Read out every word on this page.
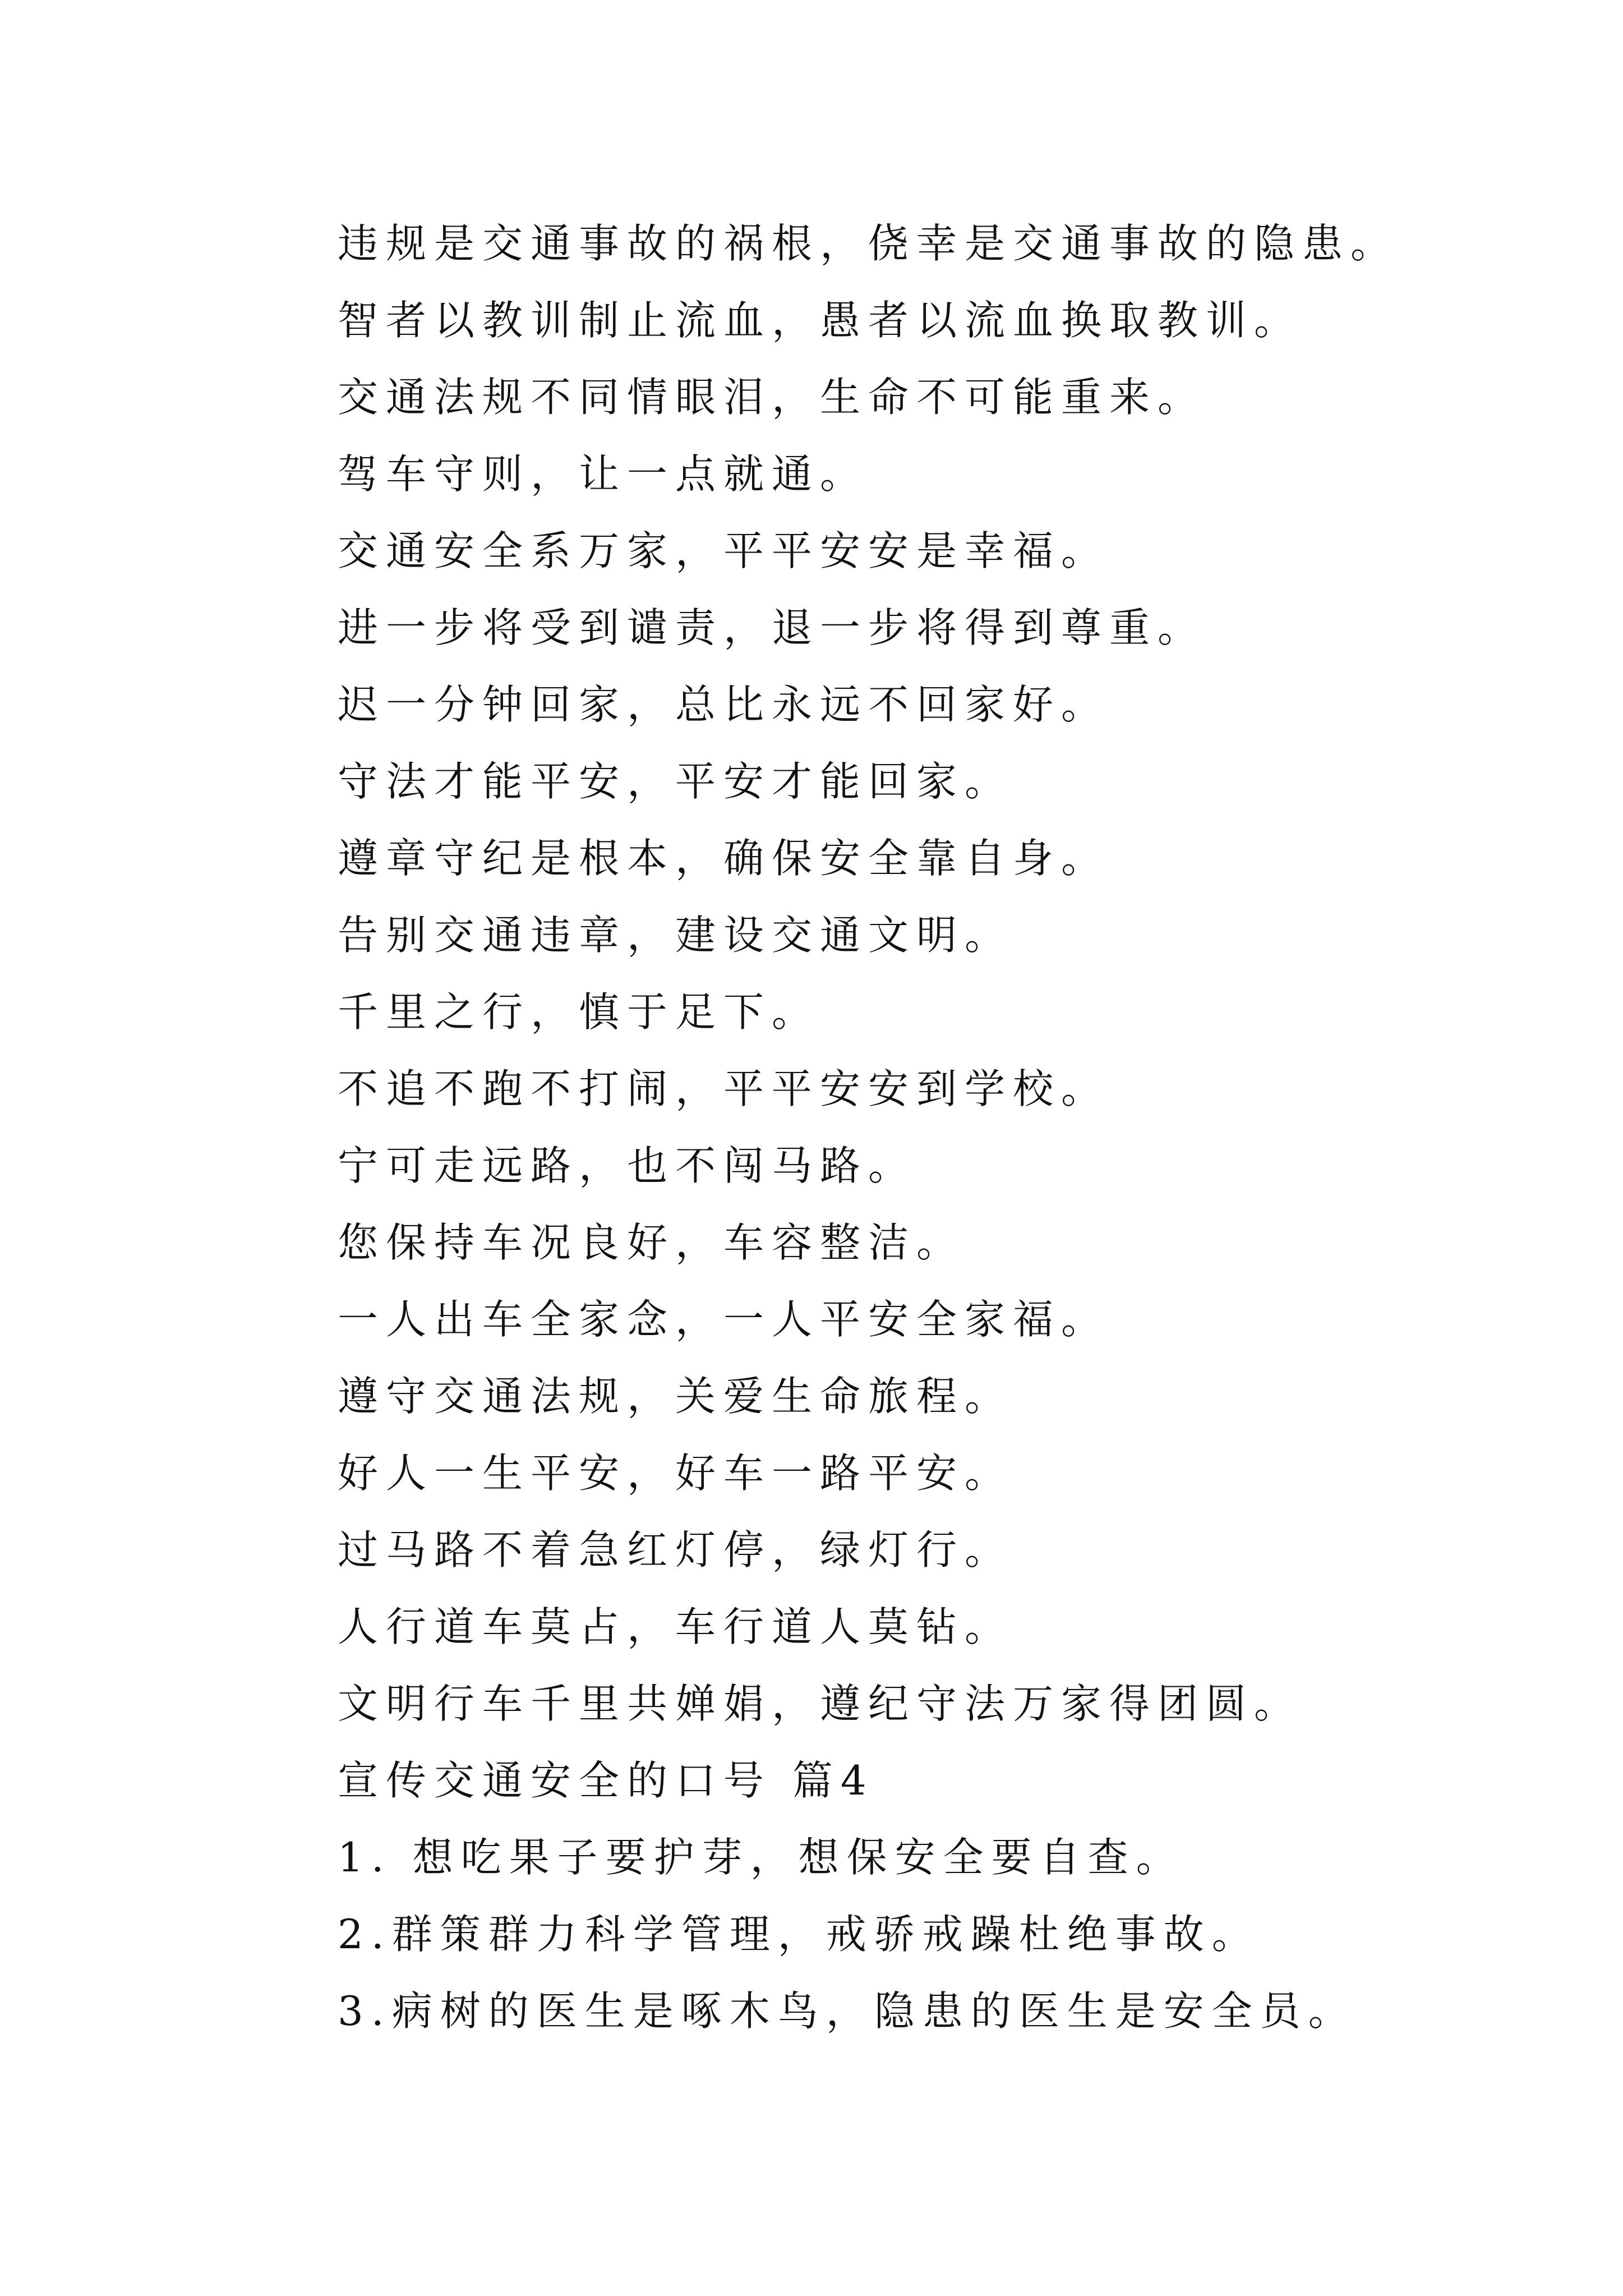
违规是交通事故的祸根，侥幸是交通事故的隐患。
智者以教训制止流血，愚者以流血换取教训。
交通法规不同情眼泪，生命不可能重来。
驾车守则，让一点就通。
交通安全系万家，平平安安是幸福。
进一步将受到谴责，退一步将得到尊重。
迟一分钟回家，总比永远不回家好。
守法才能平安，平安才能回家。
遵章守纪是根本，确保安全靠自身。
告别交通违章，建设交通文明。
千里之行，慎于足下。
不追不跑不打闹，平平安安到学校。
宁可走远路，也不闯马路。
您保持车况良好，车容整洁。
一人出车全家念，一人平安全家福。
遵守交通法规，关爱生命旅程。
好人一生平安，好车一路平安。
过马路不着急红灯停，绿灯行。
人行道车莫占，车行道人莫钻。
文明行车千里共婵娟，遵纪守法万家得团圆。
宣传交通安全的口号 篇4
1. 想吃果子要护芽，想保安全要自查。
2.群策群力科学管理，戒骄戒躁杜绝事故。
3.病树的医生是啄木鸟，隐患的医生是安全员。
